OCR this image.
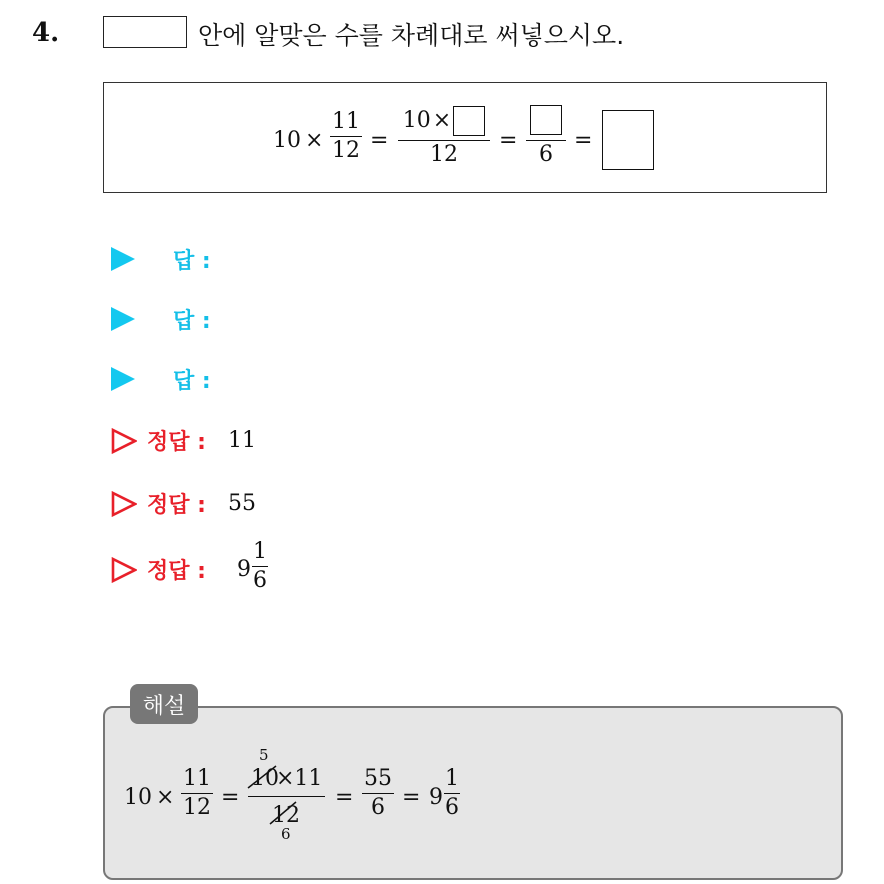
4.	안에 알맞은 수를 차례대로 써넣으시오.
10 ×
11
12 =
10 ×
12
=
6
=
답 :
답 :
답 :
정답 : 11
정답 : 55
정답 : 9
1
6
해설
10 ×
11
12 =
5
10
×11
12
6
=
55
6 = 9
1
6
